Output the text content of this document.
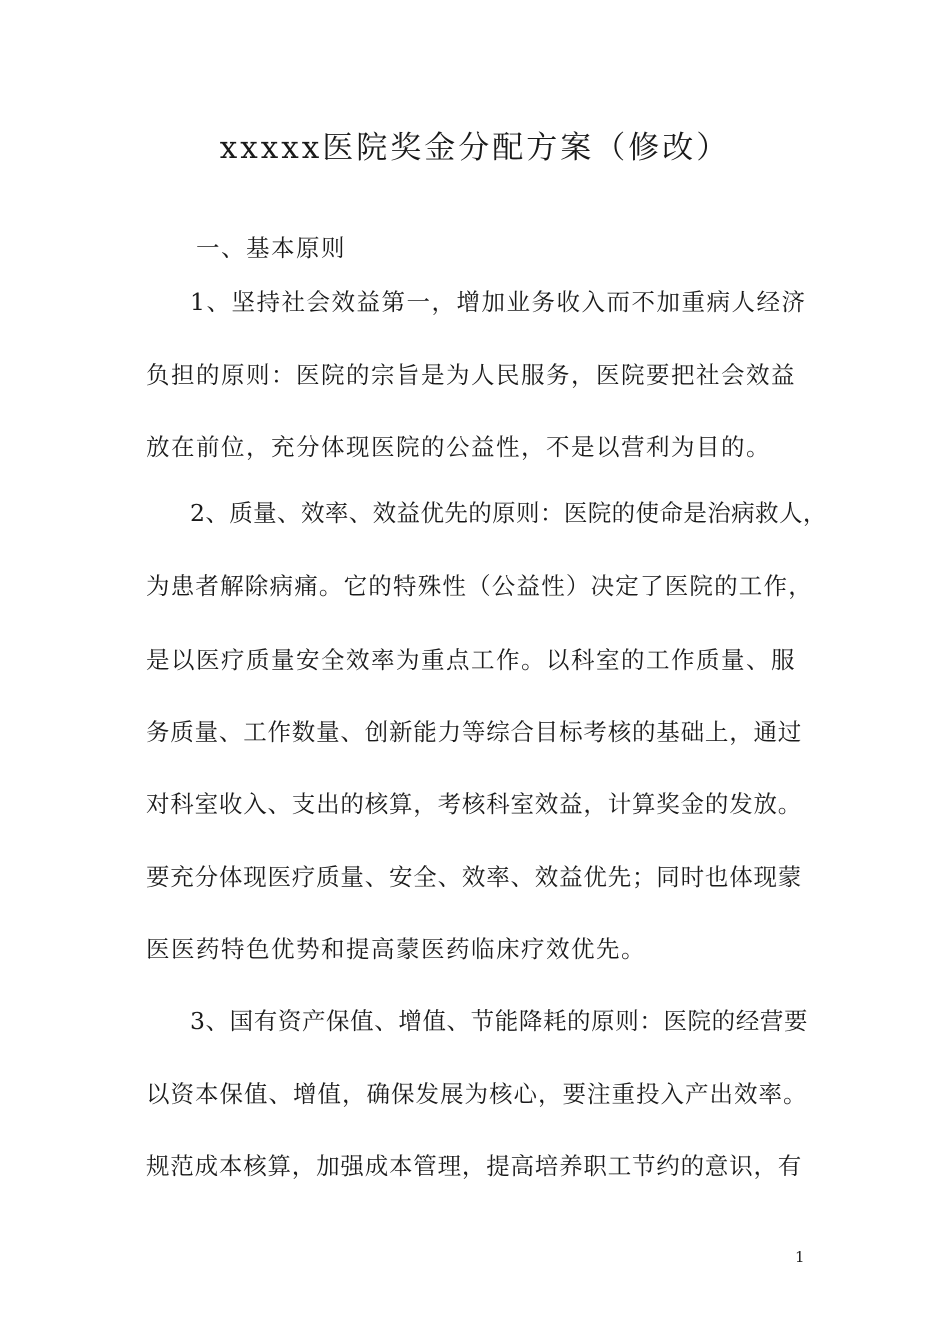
xxxxx医院奖金分配方案（修改）
一、基本原则
1、坚持社会效益第一，增加业务收入而不加重病人经济
负担的原则：医院的宗旨是为人民服务，医院要把社会效益
放在前位，充分体现医院的公益性，不是以营利为目的。
2、质量、效率、效益优先的原则：医院的使命是治病救人，
为患者解除病痛。它的特殊性（公益性）决定了医院的工作，
是以医疗质量安全效率为重点工作。以科室的工作质量、服
务质量、工作数量、创新能力等综合目标考核的基础上，通过
对科室收入、支出的核算，考核科室效益，计算奖金的发放。
要充分体现医疗质量、安全、效率、效益优先；同时也体现蒙
医医药特色优势和提高蒙医药临床疗效优先。
3、国有资产保值、增值、节能降耗的原则：医院的经营要
以资本保值、增值，确保发展为核心，要注重投入产出效率。
规范成本核算，加强成本管理，提高培养职工节约的意识，有
1
